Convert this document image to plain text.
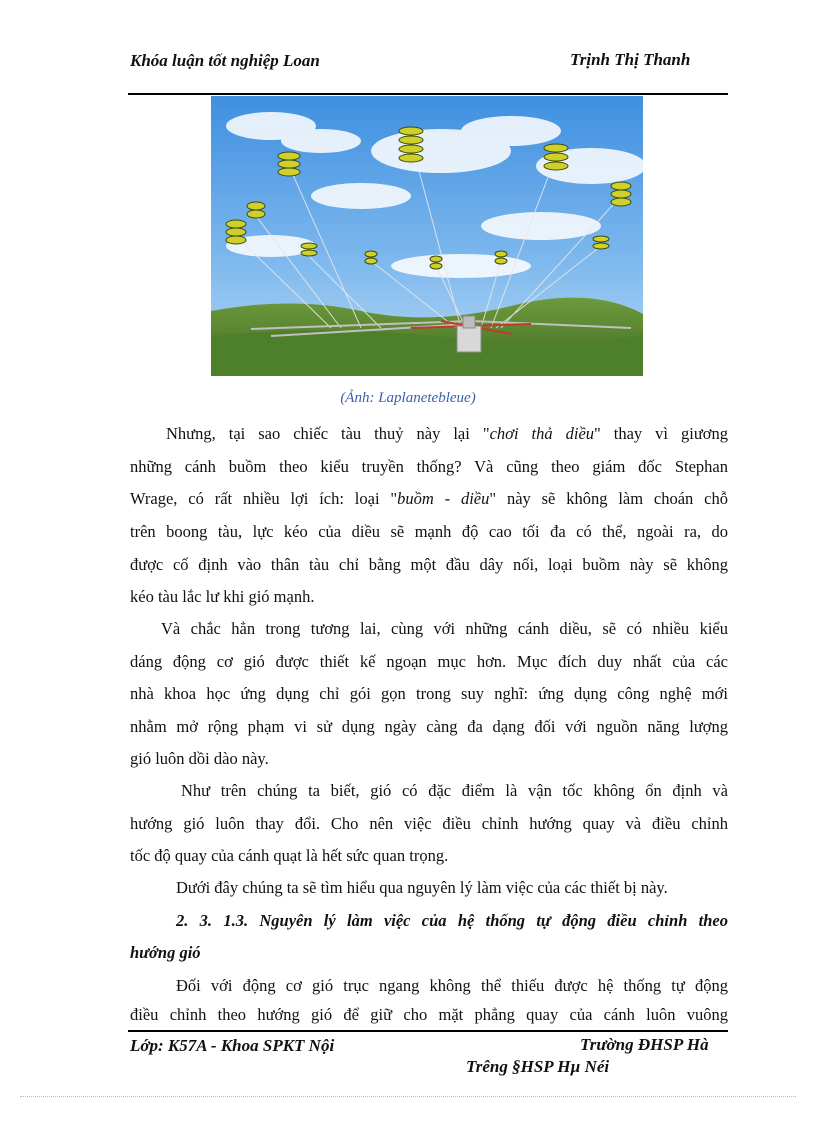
Khóa luận tốt nghiệp Loan	Trịnh Thị Thanh
(Ảnh: Laplanetebleue)
Nhưng, tại sao chiếc tàu thuỷ này lại "chơi thả diều" thay vì giương
những cánh buồm theo kiểu truyền thống? Và cũng theo giám đốc Stephan
Wrage, có rất nhiều lợi ích: loại "buồm - diều" này sẽ không làm choán chỗ
trên boong tàu, lực kéo của diều sẽ mạnh độ cao tối đa có thể, ngoài ra, do
được cố định vào thân tàu chỉ bằng một đầu dây nối, loại buồm này sẽ không
kéo tàu lắc lư khi gió mạnh.
Và chắc hẳn trong tương lai, cùng với những cánh diều, sẽ có nhiều kiểu
dáng động cơ gió được thiết kế ngoạn mục hơn. Mục đích duy nhất của các
nhà khoa học ứng dụng chỉ gói gọn trong suy nghĩ: ứng dụng công nghệ mới
nhằm mở rộng phạm vi sử dụng ngày càng đa dạng đối với nguồn năng lượng
gió luôn dồi dào này.
Như trên chúng ta biết, gió có đặc điểm là vận tốc không ổn định và
hướng gió luôn thay đổi. Cho nên việc điều chỉnh hướng quay và điều chỉnh
tốc độ quay của cánh quạt là hết sức quan trọng.
Dưới đây chúng ta sẽ tìm hiểu qua nguyên lý làm việc của các thiết bị này.
2. 3. 1.3. Nguyên lý làm việc của hệ thống tự động điều chỉnh theo
hướng gió
Đối với động cơ gió trục ngang không thể thiếu được hệ thống tự động
điều chỉnh theo hướng gió để giữ cho mặt phẳng quay của cánh luôn vuông
Lớp: K57A - Khoa SPKT Nội	Trường ĐHSP Hà
Trêng §HSP Hµ Néi
